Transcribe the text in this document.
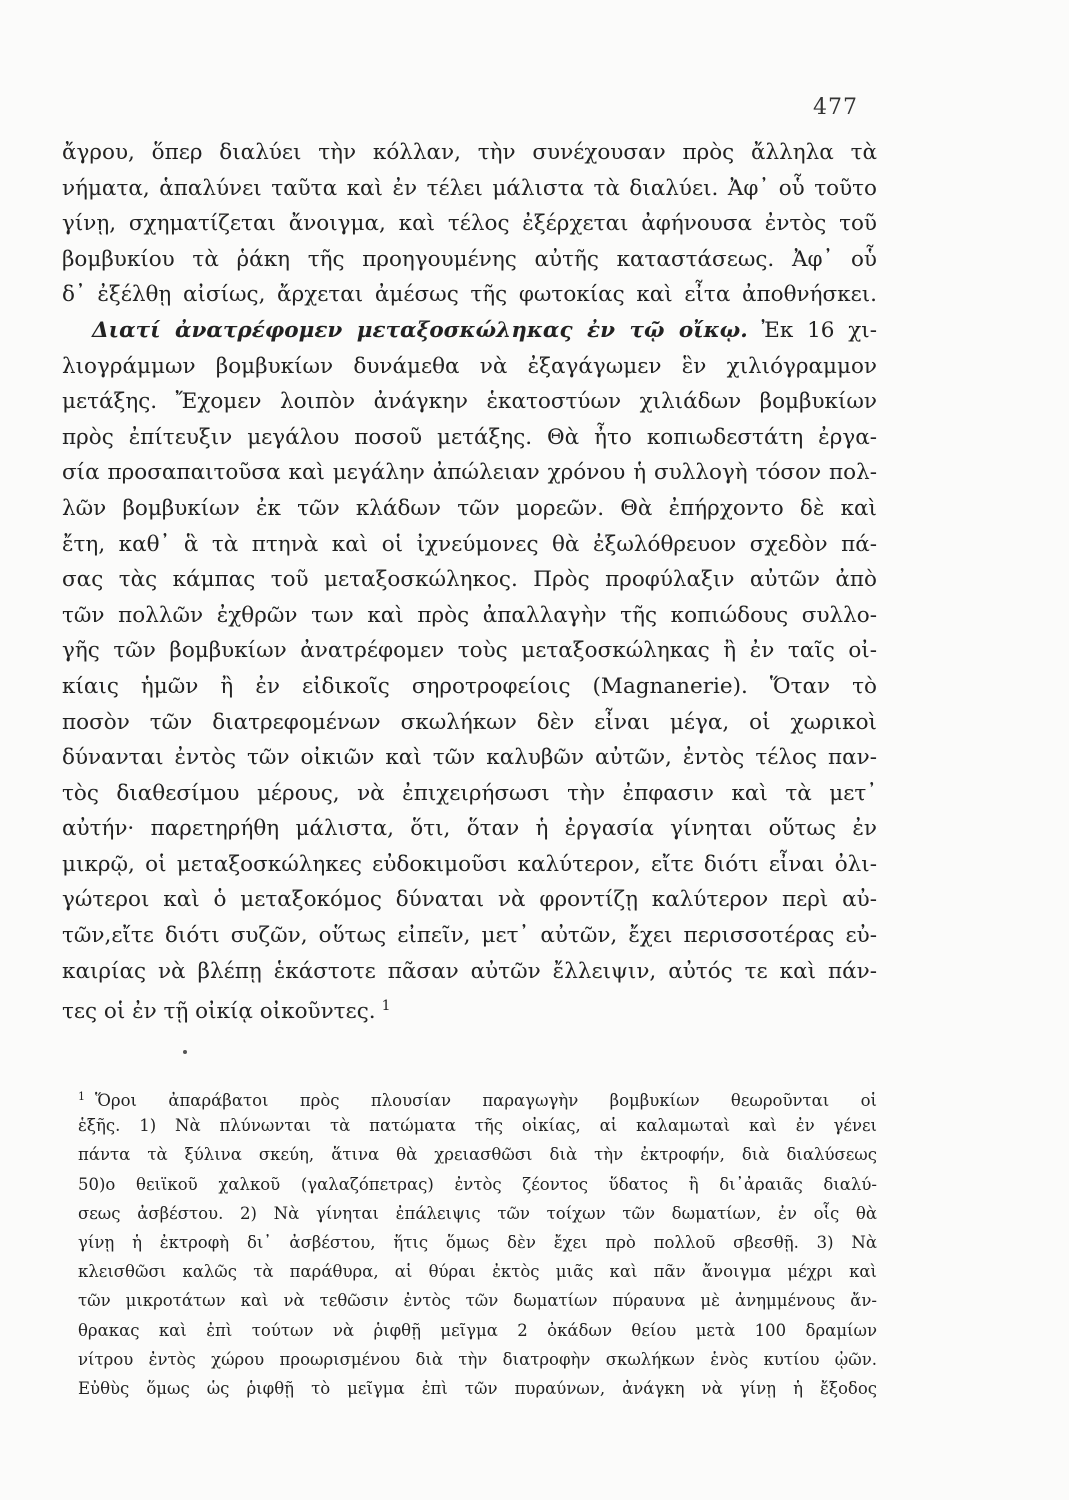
477
ἄγρου, ὅπερ διαλύει τὴν κόλλαν, τὴν συνέχουσαν πρὸς ἄλληλα τὰ
νήματα, ἁπαλύνει ταῦτα καὶ ἐν τέλει μάλιστα τὰ διαλύει. Ἀφ᾽ οὗ τοῦτο
γίνῃ, σχηματίζεται ἄνοιγμα, καὶ τέλος ἐξέρχεται ἀφήνουσα ἐντὸς τοῦ
βομβυκίου τὰ ῥάκη τῆς προηγουμένης αὐτῆς καταστάσεως. Ἀφ᾽ οὗ
δ᾽ ἐξέλθῃ αἰσίως, ἄρχεται ἀμέσως τῆς φωτοκίας καὶ εἶτα ἀποθνήσκει.
Διατί ἀνατρέφομεν μεταξοσκώληκας ἐν τῷ οἴκῳ. Ἐκ 16 χι-
λιογράμμων βομβυκίων δυνάμεθα νὰ ἐξαγάγωμεν ἓν χιλιόγραμμον
μετάξης. Ἔχομεν λοιπὸν ἀνάγκην ἑκατοστύων χιλιάδων βομβυκίων
πρὸς ἐπίτευξιν μεγάλου ποσοῦ μετάξης. Θὰ ἦτο κοπιωδεστάτη ἐργα-
σία προσαπαιτοῦσα καὶ μεγάλην ἀπώλειαν χρόνου ἡ συλλογὴ τόσον πολ-
λῶν βομβυκίων ἐκ τῶν κλάδων τῶν μορεῶν. Θὰ ἐπήρχοντο δὲ καὶ
ἔτη, καθ᾽ ἃ τὰ πτηνὰ καὶ οἱ ἰχνεύμονες θὰ ἐξωλόθρευον σχεδὸν πά-
σας τὰς κάμπας τοῦ μεταξοσκώληκος. Πρὸς προφύλαξιν αὐτῶν ἀπὸ
τῶν πολλῶν ἐχθρῶν των καὶ πρὸς ἀπαλλαγὴν τῆς κοπιώδους συλλο-
γῆς τῶν βομβυκίων ἀνατρέφομεν τοὺς μεταξοσκώληκας ἢ ἐν ταῖς οἰ-
κίαις ἡμῶν ἢ ἐν εἰδικοῖς σηροτροφείοις (Magnanerie). Ὅταν τὸ
ποσὸν τῶν διατρεφομένων σκωλήκων δὲν εἶναι μέγα, οἱ χωρικοὶ
δύνανται ἐντὸς τῶν οἰκιῶν καὶ τῶν καλυβῶν αὐτῶν, ἐντὸς τέλος παν-
τὸς διαθεσίμου μέρους, νὰ ἐπιχειρήσωσι τὴν ἐπφασιν καὶ τὰ μετ᾽
αὐτήν· παρετηρήθη μάλιστα, ὅτι, ὅταν ἡ ἐργασία γίνηται οὕτως ἐν
μικρῷ, οἱ μεταξοσκώληκες εὐδοκιμοῦσι καλύτερον, εἴτε διότι εἶναι ὀλι-
γώτεροι καὶ ὁ μεταξοκόμος δύναται νὰ φροντίζῃ καλύτερον περὶ αὐ-
τῶν,εἴτε διότι συζῶν, οὕτως εἰπεῖν, μετ᾽ αὐτῶν, ἔχει περισσοτέρας εὐ-
καιρίας νὰ βλέπῃ ἑκάστοτε πᾶσαν αὐτῶν ἔλλειψιν, αὐτός τε καὶ πάν-
τες οἱ ἐν τῇ οἰκίᾳ οἰκοῦντες. $^1$
$^1$ Ὅροι ἀπαράβατοι πρὸς πλουσίαν παραγωγὴν βομβυκίων θεωροῦνται οἱ
ἑξῆς. 1) Νὰ πλύνωνται τὰ πατώματα τῆς οἰκίας, αἱ καλαμωταὶ καὶ ἐν γένει
πάντα τὰ ξύλινα σκεύη, ἅτινα θὰ χρειασθῶσι διὰ τὴν ἐκτροφήν, διὰ διαλύσεως
50)ο θειϊκοῦ χαλκοῦ (γαλαζόπετρας) ἐντὸς ζέοντος ὕδατος ἢ δι᾽ἀραιᾶς διαλύ-
σεως ἀσβέστου. 2) Νὰ γίνηται ἐπάλειψις τῶν τοίχων τῶν δωματίων, ἐν οἷς θὰ
γίνῃ ἡ ἐκτροφὴ δι᾽ ἀσβέστου, ἥτις ὅμως δὲν ἔχει πρὸ πολλοῦ σβεσθῇ. 3) Νὰ
κλεισθῶσι καλῶς τὰ παράθυρα, αἱ θύραι ἐκτὸς μιᾶς καὶ πᾶν ἄνοιγμα μέχρι καὶ
τῶν μικροτάτων καὶ νὰ τεθῶσιν ἐντὸς τῶν δωματίων πύραυνα μὲ ἀνημμένους ἄν-
θρακας καὶ ἐπὶ τούτων νὰ ῥιφθῇ μεῖγμα 2 ὀκάδων θείου μετὰ 100 δραμίων
νίτρου ἐντὸς χώρου προωρισμένου διὰ τὴν διατροφὴν σκωλήκων ἑνὸς κυτίου ᾠῶν.
Εὐθὺς ὅμως ὡς ῥιφθῇ τὸ μεῖγμα ἐπὶ τῶν πυραύνων, ἀνάγκη νὰ γίνῃ ἡ ἔξοδος
